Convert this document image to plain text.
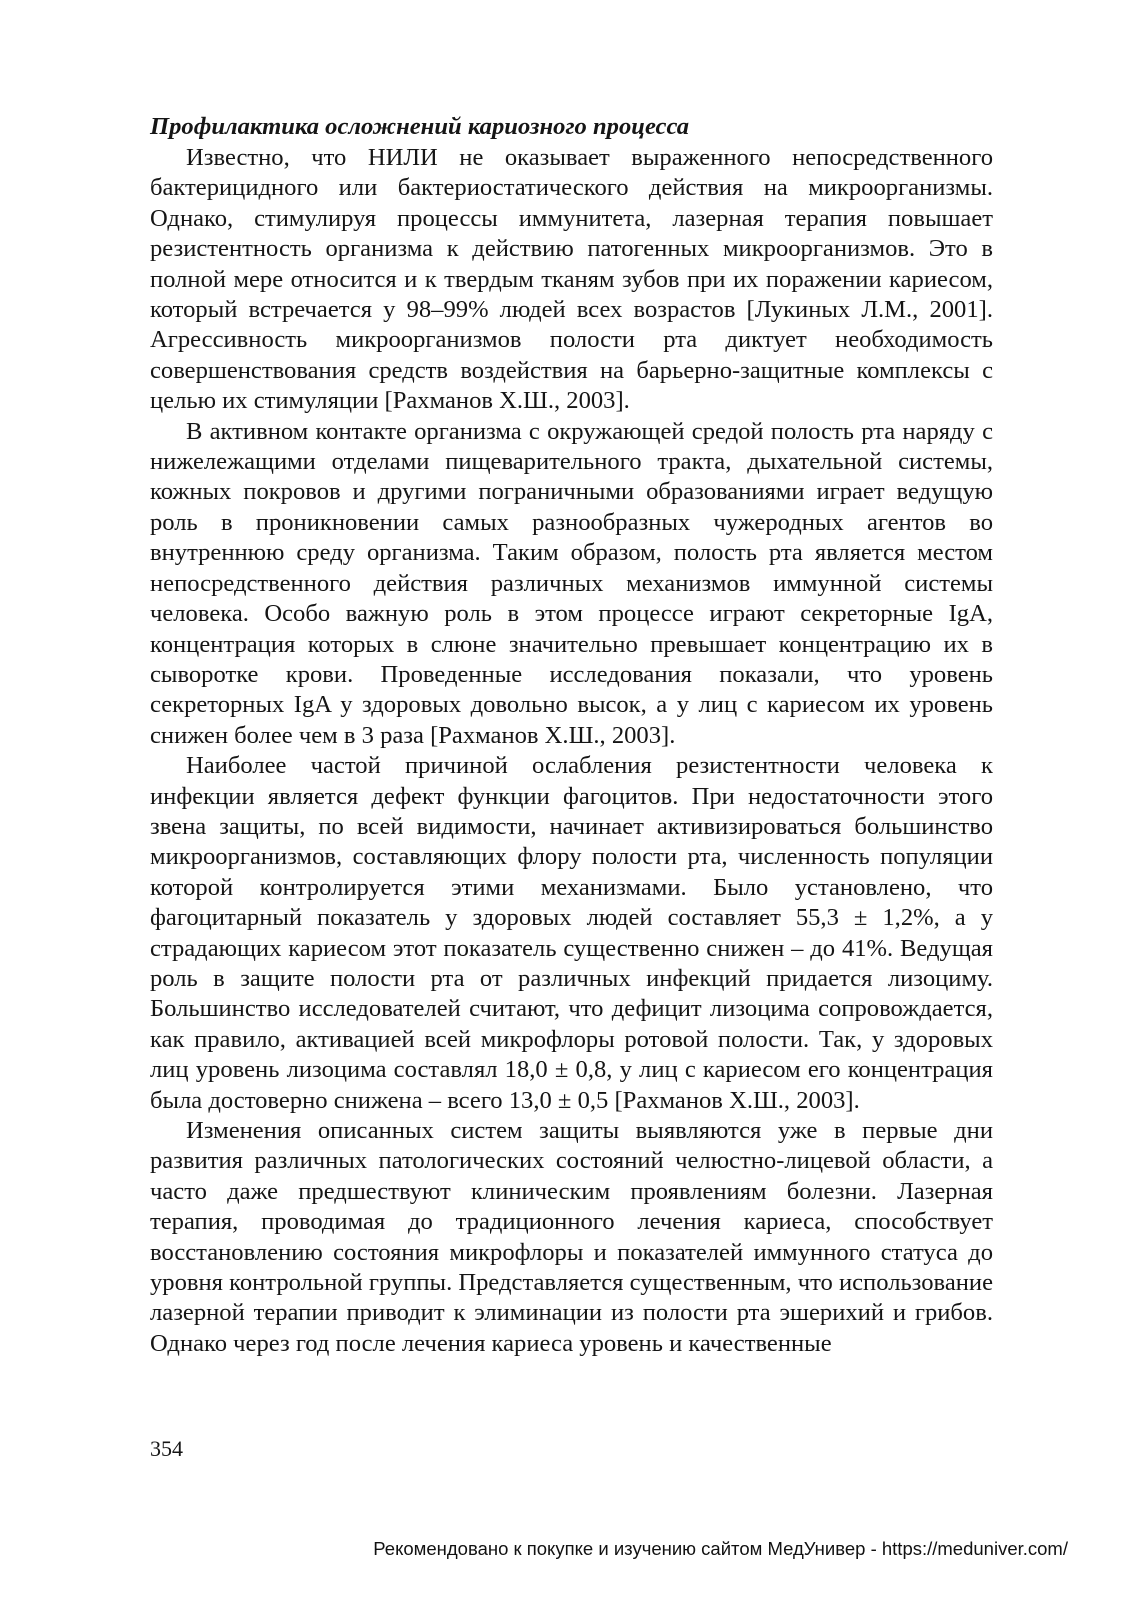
Профилактика осложнений кариозного процесса

Известно, что НИЛИ не оказывает выраженного непосредственного бактерицидного или бактериостатического действия на микроорганизмы. Однако, стимулируя процессы иммунитета, лазерная терапия повышает резистентность организма к действию патогенных микроорганизмов. Это в полной мере относится и к твердым тканям зубов при их поражении кариесом, который встречается у 98–99% людей всех возрастов [Лукиных Л.М., 2001]. Агрессивность микроорганизмов полости рта диктует необходимость совершенствования средств воздействия на барьерно-защитные комплексы с целью их стимуляции [Рахманов Х.Ш., 2003].

В активном контакте организма с окружающей средой полость рта наряду с нижележащими отделами пищеварительного тракта, дыхательной системы, кожных покровов и другими пограничными образованиями играет ведущую роль в проникновении самых разнообразных чужеродных агентов во внутреннюю среду организма. Таким образом, полость рта является местом непосредственного действия различных механизмов иммунной системы человека. Особо важную роль в этом процессе играют секреторные IgA, концентрация которых в слюне значительно превышает концентрацию их в сыворотке крови. Проведенные исследования показали, что уровень секреторных IgA у здоровых довольно высок, а у лиц с кариесом их уровень снижен более чем в 3 раза [Рахманов Х.Ш., 2003].

Наиболее частой причиной ослабления резистентности человека к инфекции является дефект функции фагоцитов. При недостаточности этого звена защиты, по всей видимости, начинает активизироваться большинство микроорганизмов, составляющих флору полости рта, численность популяции которой контролируется этими механизмами. Было установлено, что фагоцитарный показатель у здоровых людей составляет 55,3 ± 1,2%, а у страдающих кариесом этот показатель существенно снижен – до 41%. Ведущая роль в защите полости рта от различных инфекций придается лизоциму. Большинство исследователей считают, что дефицит лизоцима сопровождается, как правило, активацией всей микрофлоры ротовой полости. Так, у здоровых лиц уровень лизоцима составлял 18,0 ± 0,8, у лиц с кариесом его концентрация была достоверно снижена – всего 13,0 ± 0,5 [Рахманов Х.Ш., 2003].

Изменения описанных систем защиты выявляются уже в первые дни развития различных патологических состояний челюстно-лицевой области, а часто даже предшествуют клиническим проявлениям болезни. Лазерная терапия, проводимая до традиционного лечения кариеса, способствует восстановлению состояния микрофлоры и показателей иммунного статуса до уровня контрольной группы. Представляется существенным, что использование лазерной терапии приводит к элиминации из полости рта эшерихий и грибов. Однако через год после лечения кариеса уровень и качественные

354
Рекомендовано к покупке и изучению сайтом МедУнивер - https://meduniver.com/
